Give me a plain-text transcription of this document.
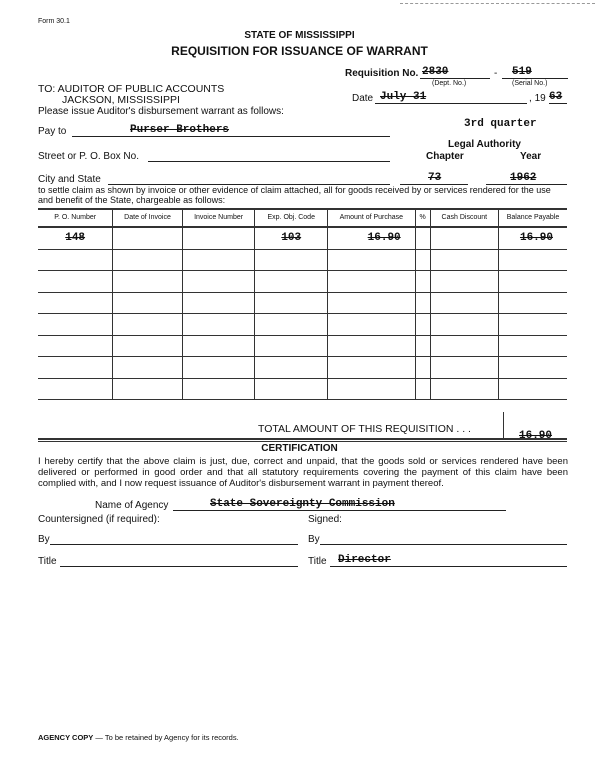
Form 30.1
STATE OF MISSISSIPPI
REQUISITION FOR ISSUANCE OF WARRANT
Requisition No. 2830
(Dept. No.)
- 519
(Serial No.)
TO: AUDITOR OF PUBLIC ACCOUNTS
JACKSON, MISSISSIPPI
Please issue Auditor's disbursement warrant as follows:
Date July 31	, 19 63
Pay to	Purser Brothers	3rd quarter
Legal Authority
Street or P. O. Box No.	Chapter	Year
City and State	73	1962
to settle claim as shown by invoice or other evidence of claim attached, all for goods received by or services rendered for the use and benefit of the State, chargeable as follows:
P. O. Number	Date of Invoice	Invoice Number	Exp. Obj. Code	Amount of Purchase	%	Cash Discount	Balance Payable
148			103	16.90			16.90

TOTAL AMOUNT OF THIS REQUISITION . . .
16.90
CERTIFICATION
I hereby certify that the above claim is just, due, correct and unpaid, that the goods sold or services rendered have been delivered or performed in good order and that all statutory requirements covering the payment of this claim have been complied with, and I now request issuance of Auditor's disbursement warrant in payment thereof.
Name of Agency	State Sovereignty Commission
Countersigned (if required):	Signed:
By	By
Title	Title Director
AGENCY COPY — To be retained by Agency for its records.
